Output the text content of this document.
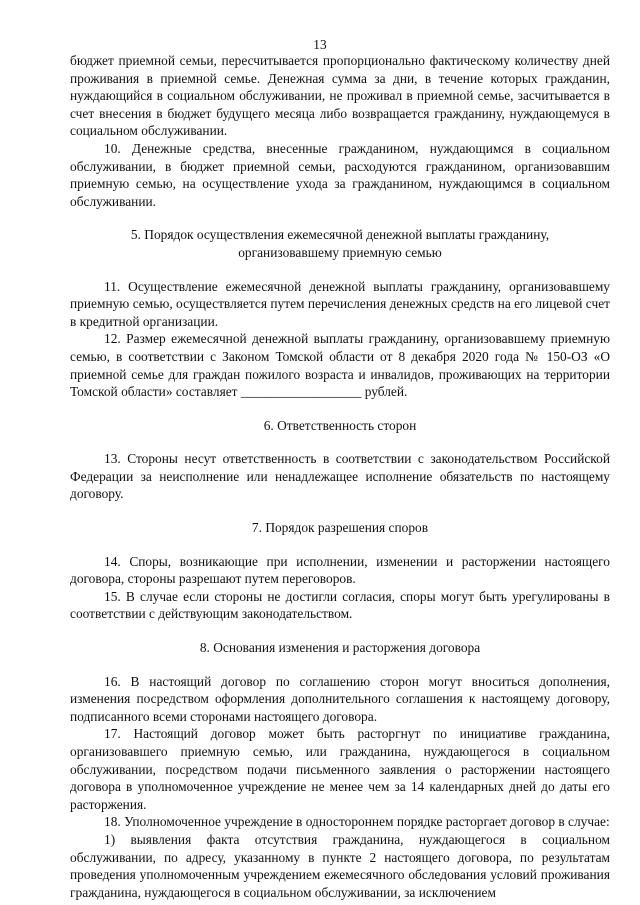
13

бюджет приемной семьи, пересчитывается пропорционально фактическому количеству дней проживания в приемной семье. Денежная сумма за дни, в течение которых гражданин, нуждающийся в социальном обслуживании, не проживал в приемной семье, засчитывается в счет внесения в бюджет будущего месяца либо возвращается гражданину, нуждающемуся в социальном обслуживании.

10. Денежные средства, внесенные гражданином, нуждающимся в социальном обслуживании, в бюджет приемной семьи, расходуются гражданином, организовавшим приемную семью, на осуществление ухода за гражданином, нуждающимся в социальном обслуживании.

5. Порядок осуществления ежемесячной денежной выплаты гражданину, организовавшему приемную семью

11. Осуществление ежемесячной денежной выплаты гражданину, организовавшему приемную семью, осуществляется путем перечисления денежных средств на его лицевой счет в кредитной организации.

12. Размер ежемесячной денежной выплаты гражданину, организовавшему приемную семью, в соответствии с Законом Томской области от 8 декабря 2020 года № 150-ОЗ «О приемной семье для граждан пожилого возраста и инвалидов, проживающих на территории Томской области» составляет __________________ рублей.

6. Ответственность сторон

13. Стороны несут ответственность в соответствии с законодательством Российской Федерации за неисполнение или ненадлежащее исполнение обязательств по настоящему договору.

7. Порядок разрешения споров

14. Споры, возникающие при исполнении, изменении и расторжении настоящего договора, стороны разрешают путем переговоров.

15. В случае если стороны не достигли согласия, споры могут быть урегулированы в соответствии с действующим законодательством.

8. Основания изменения и расторжения договора

16. В настоящий договор по соглашению сторон могут вноситься дополнения, изменения посредством оформления дополнительного соглашения к настоящему договору, подписанного всеми сторонами настоящего договора.

17. Настоящий договор может быть расторгнут по инициативе гражданина, организовавшего приемную семью, или гражданина, нуждающегося в социальном обслуживании, посредством подачи письменного заявления о расторжении настоящего договора в уполномоченное учреждение не менее чем за 14 календарных дней до даты его расторжения.

18. Уполномоченное учреждение в одностороннем порядке расторгает договор в случае:

1) выявления факта отсутствия гражданина, нуждающегося в социальном обслуживании, по адресу, указанному в пункте 2 настоящего договора, по результатам проведения уполномоченным учреждением ежемесячного обследования условий проживания гражданина, нуждающегося в социальном обслуживании, за исключением
